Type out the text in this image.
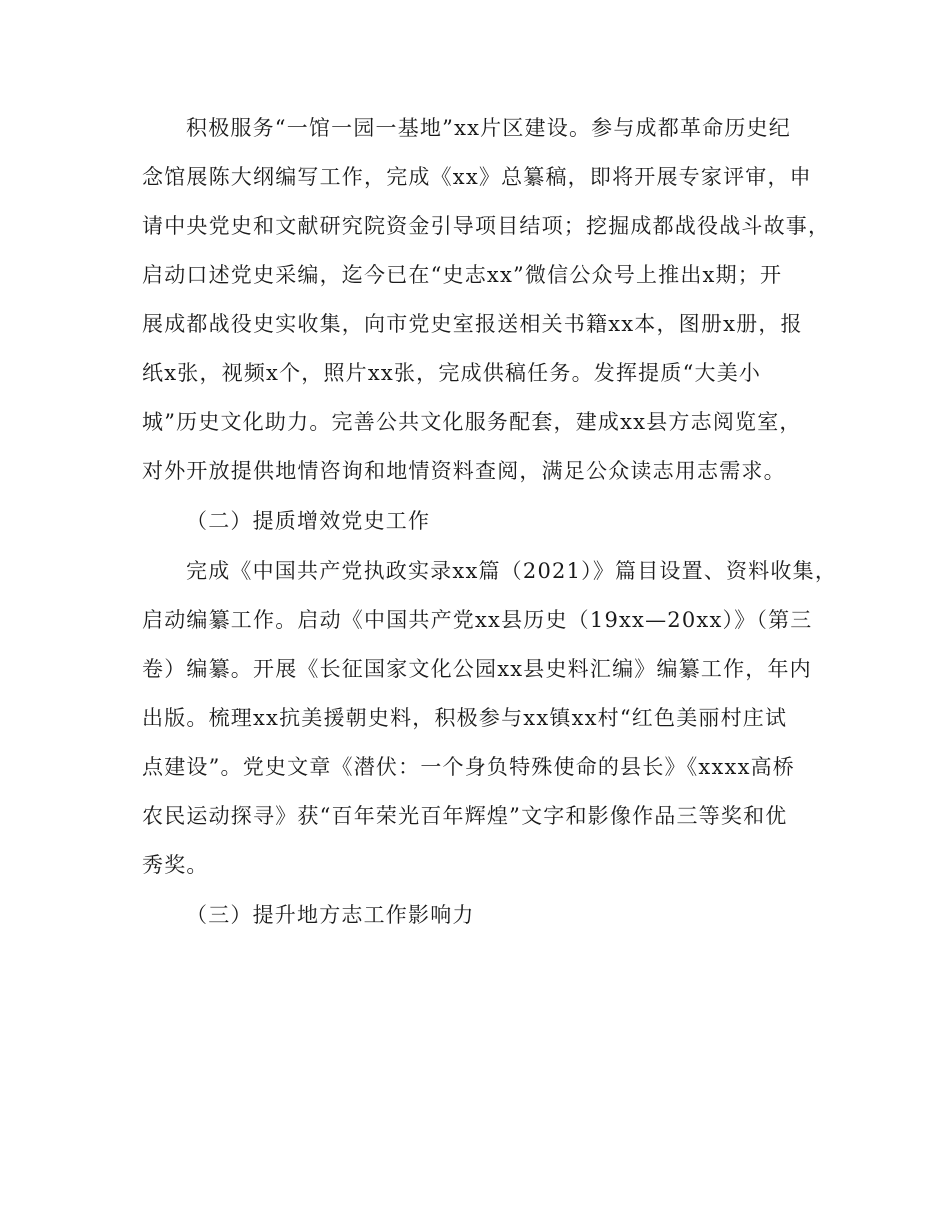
积极服务“一馆一园一基地”xx片区建设。参与成都革命历史纪
念馆展陈大纲编写工作，完成《xx》总纂稿，即将开展专家评审，申
请中央党史和文献研究院资金引导项目结项；挖掘成都战役战斗故事，
启动口述党史采编，迄今已在“史志xx”微信公众号上推出x期；开
展成都战役史实收集，向市党史室报送相关书籍xx本，图册x册，报
纸x张，视频x个，照片xx张，完成供稿任务。发挥提质“大美小
城”历史文化助力。完善公共文化服务配套，建成xx县方志阅览室，
对外开放提供地情咨询和地情资料查阅，满足公众读志用志需求。
（二）提质增效党史工作
完成《中国共产党执政实录xx篇（2021）》篇目设置、资料收集，
启动编纂工作。启动《中国共产党xx县历史（19xx—20xx）》（第三
卷）编纂。开展《长征国家文化公园xx县史料汇编》编纂工作，年内
出版。梳理xx抗美援朝史料，积极参与xx镇xx村“红色美丽村庄试
点建设”。党史文章《潜伏：一个身负特殊使命的县长》《xxxx高桥
农民运动探寻》获“百年荣光百年辉煌”文字和影像作品三等奖和优
秀奖。
（三）提升地方志工作影响力
